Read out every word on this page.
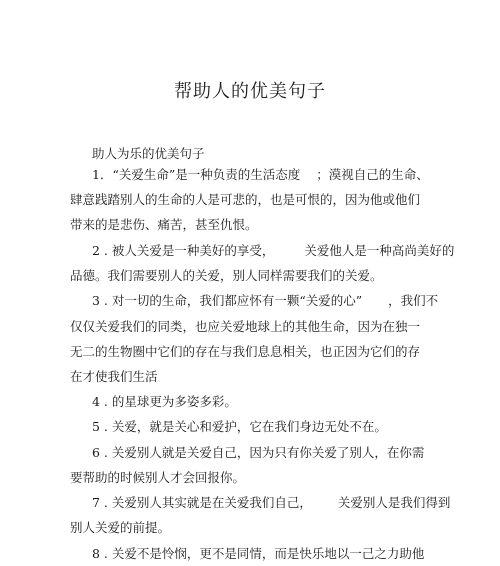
帮助人的优美句子
助人为乐的优美句子
1．“关爱生命”是一种负责的生活态度 ；漠视自己的生命、
肆意践踏别人的生命的人是可悲的，也是可恨的，因为他或他们
带来的是悲伤、痛苦，甚至仇恨。
2 . 被人关爱是一种美好的享受， 关爱他人是一种高尚美好的
品德。我们需要别人的关爱，别人同样需要我们的关爱。
3 . 对一切的生命，我们都应怀有一颗“关爱的心” ，我们不
仅仅关爱我们的同类，也应关爱地球上的其他生命，因为在独一
无二的生物圈中它们的存在与我们息息相关，也正因为它们的存
在才使我们生活
4 . 的星球更为多姿多彩。
5 . 关爱，就是关心和爱护，它在我们身边无处不在。
6 . 关爱别人就是关爱自己，因为只有你关爱了别人，在你需
要帮助的时候别人才会回报你。
7 . 关爱别人其实就是在关爱我们自己， 关爱别人是我们得到
别人关爱的前提。
8 . 关爱不是怜悯，更不是同情，而是快乐地以一己之力助他
